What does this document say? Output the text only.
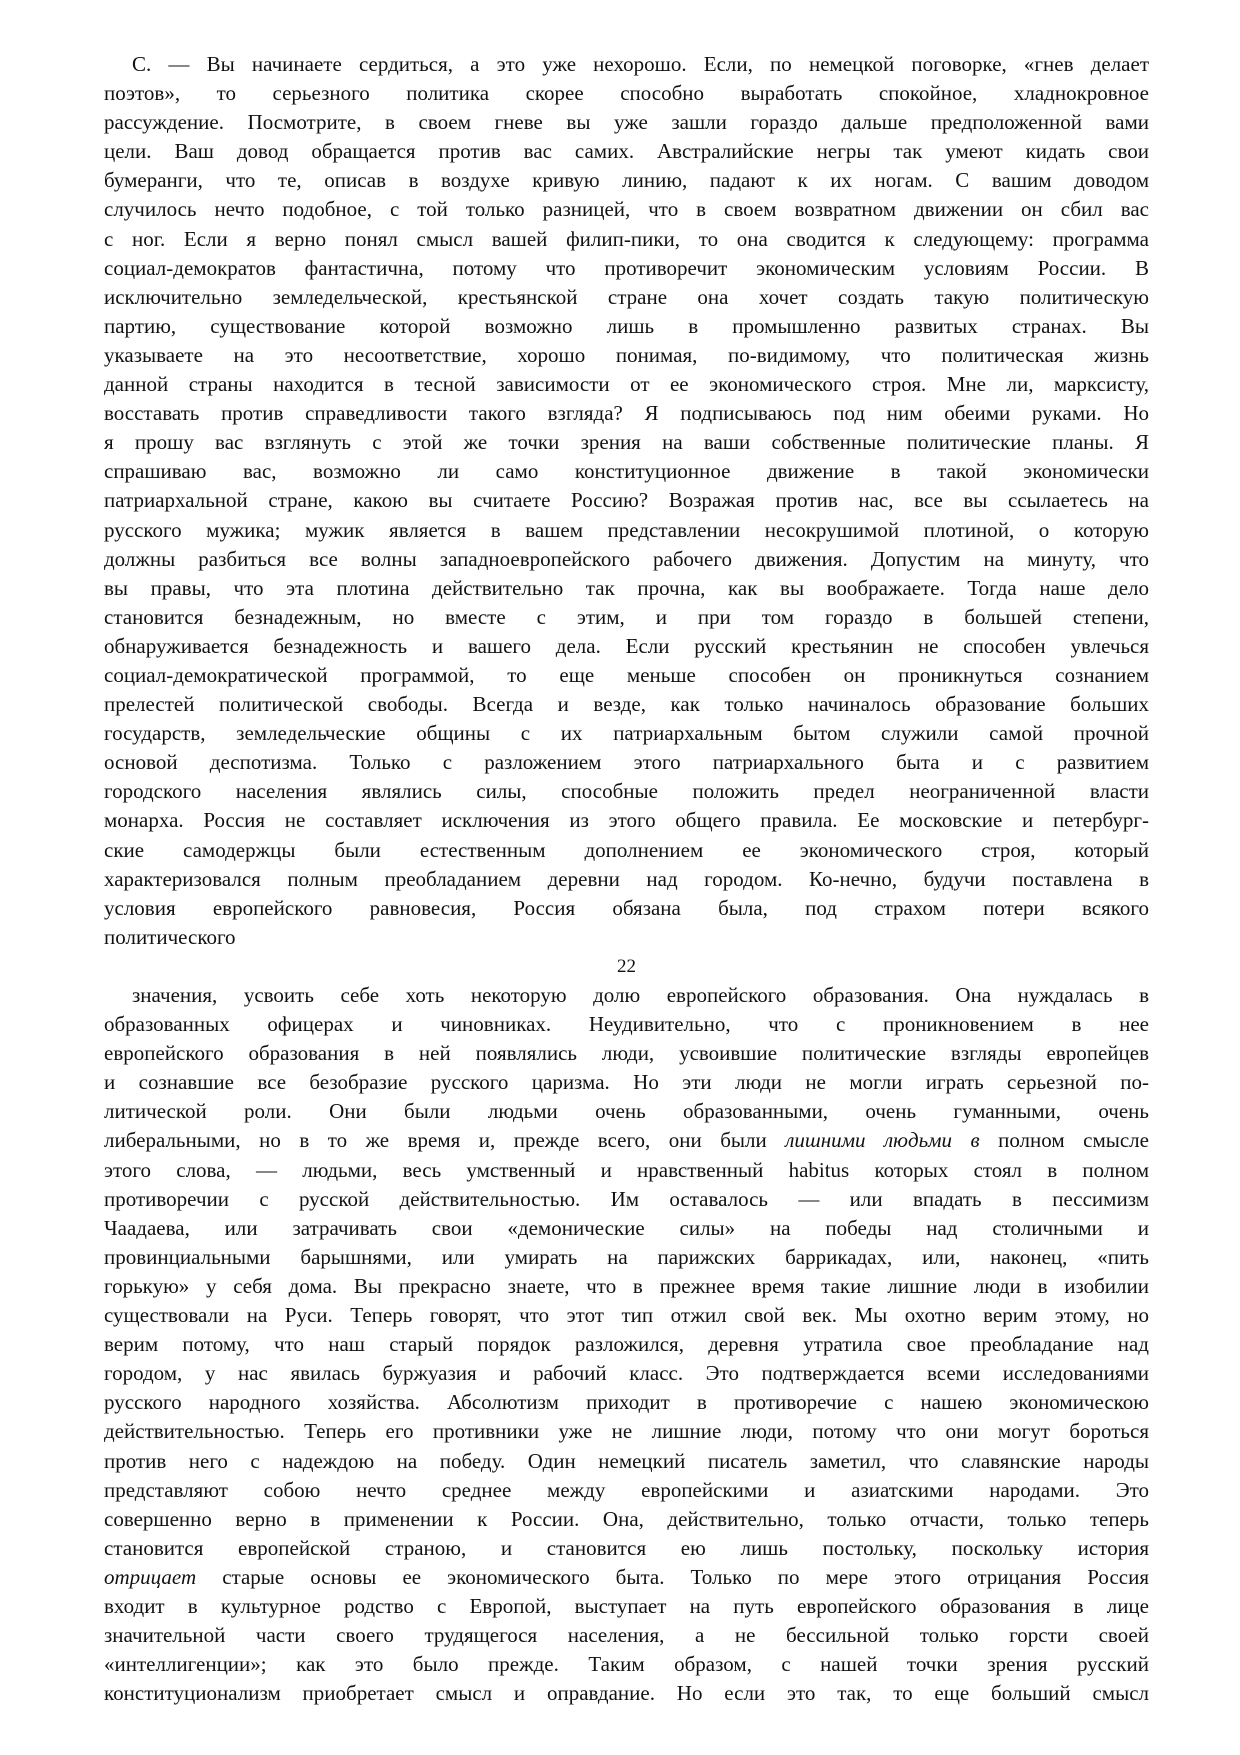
С. — Вы начинаете сердиться, а это уже нехорошо. Если, по немецкой поговорке, «гнев делает
поэтов», то серьезного политика скорее способно выработать спокойное, хладнокровное
рассуждение. Посмотрите, в своем гневе вы уже зашли гораздо дальше предположенной вами
цели. Ваш довод обращается против вас самих. Австралийские негры так умеют кидать свои
бумеранги, что те, описав в воздухе кривую линию, падают к их ногам. С вашим доводом
случилось нечто подобное, с той только разницей, что в своем возвратном движении он сбил вас
с ног. Если я верно понял смысл вашей филип-пики, то она сводится к следующему: программа
социал-демократов фантастична, потому что противоречит экономическим условиям России. В
исключительно земледельческой, крестьянской стране она хочет создать такую политическую
партию, существование которой возможно лишь в промышленно развитых странах. Вы
указываете на это несоответствие, хорошо понимая, по-видимому, что политическая жизнь
данной страны находится в тесной зависимости от ее экономического строя. Мне ли, марксисту,
восставать против справедливости такого взгляда? Я подписываюсь под ним обеими руками. Но
я прошу вас взглянуть с этой же точки зрения на ваши собственные политические планы. Я
спрашиваю вас, возможно ли само конституционное движение в такой экономически
патриархальной стране, какою вы считаете Россию? Возражая против нас, все вы ссылаетесь на
русского мужика; мужик является в вашем представлении несокрушимой плотиной, о которую
должны разбиться все волны западноевропейского рабочего движения. Допустим на минуту, что
вы правы, что эта плотина действительно так прочна, как вы воображаете. Тогда наше дело
становится безнадежным, но вместе с этим, и при том гораздо в большей степени,
обнаруживается безнадежность и вашего дела. Если русский крестьянин не способен увлечься
социал-демократической программой, то еще меньше способен он проникнуться сознанием
прелестей политической свободы. Всегда и везде, как только начиналось образование больших
государств, земледельческие общины с их патриархальным бытом служили самой прочной
основой деспотизма. Только с разложением этого патриархального быта и с развитием
городского населения являлись силы, способные положить предел неограниченной власти
монарха. Россия не составляет исключения из этого общего правила. Ее московские и петербург-
ские самодержцы были естественным дополнением ее экономического строя, который
характеризовался полным преобладанием деревни над городом. Ко-нечно, будучи поставлена в
условия европейского равновесия, Россия обязана была, под страхом потери всякого
политического
22
значения, усвоить себе хоть некоторую долю европейского образования. Она нуждалась в
образованных офицерах и чиновниках. Неудивительно, что с проникновением в нее
европейского образования в ней появлялись люди, усвоившие политические взгляды европейцев
и сознавшие все безобразие русского царизма. Но эти люди не могли играть серьезной по-
литической роли. Они были людьми очень образованными, очень гуманными, очень
либеральными, но в то же время и, прежде всего, они были лишними людьми в полном смысле
этого слова, — людьми, весь умственный и нравственный habitus которых стоял в полном
противоречии с русской действительностью. Им оставалось — или впадать в пессимизм
Чаадаева, или затрачивать свои «демонические силы» на победы над столичными и
провинциальными барышнями, или умирать на парижских баррикадах, или, наконец, «пить
горькую» у себя дома. Вы прекрасно знаете, что в прежнее время такие лишние люди в изобилии
существовали на Руси. Теперь говорят, что этот тип отжил свой век. Мы охотно верим этому, но
верим потому, что наш старый порядок разложился, деревня утратила свое преобладание над
городом, у нас явилась буржуазия и рабочий класс. Это подтверждается всеми исследованиями
русского народного хозяйства. Абсолютизм приходит в противоречие с нашею экономическою
действительностью. Теперь его противники уже не лишние люди, потому что они могут бороться
против него с надеждою на победу. Один немецкий писатель заметил, что славянские народы
представляют собою нечто среднее между европейскими и азиатскими народами. Это
совершенно верно в применении к России. Она, действительно, только отчасти, только теперь
становится европейской страною, и становится ею лишь постольку, поскольку история
отрицает старые основы ее экономического быта. Только по мере этого отрицания Россия
входит в культурное родство с Европой, выступает на путь европейского образования в лице
значительной части своего трудящегося населения, а не бессильной только горсти своей
«интеллигенции»; как это было прежде. Таким образом, с нашей точки зрения русский
конституционализм приобретает смысл и оправдание. Но если это так, то еще больший смысл
